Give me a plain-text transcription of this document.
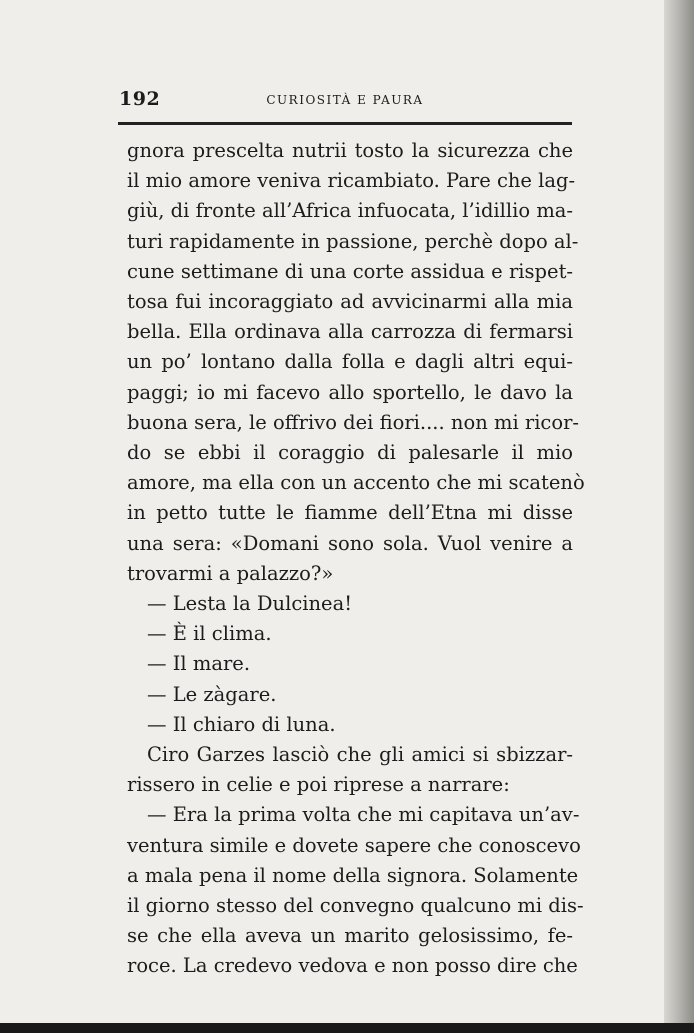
192	CURIOSITÀ E PAURA
gnora prescelta nutrii tosto la sicurezza che
il mio amore veniva ricambiato. Pare che lag-
giù, di fronte all’Africa infuocata, l’idillio ma-
turi rapidamente in passione, perchè dopo al-
cune settimane di una corte assidua e rispet-
tosa fui incoraggiato ad avvicinarmi alla mia
bella. Ella ordinava alla carrozza di fermarsi
un po’ lontano dalla folla e dagli altri equi-
paggi; io mi facevo allo sportello, le davo la
buona sera, le offrivo dei fiori.... non mi ricor-
do se ebbi il coraggio di palesarle il mio
amore, ma ella con un accento che mi scatenò
in petto tutte le fiamme dell’Etna mi disse
una sera: «Domani sono sola. Vuol venire a
trovarmi a palazzo?»
— Lesta la Dulcinea!
— È il clima.
— Il mare.
— Le zàgare.
— Il chiaro di luna.
Ciro Garzes lasciò che gli amici si sbizzar-
rissero in celie e poi riprese a narrare:
— Era la prima volta che mi capitava un’av-
ventura simile e dovete sapere che conoscevo
a mala pena il nome della signora. Solamente
il giorno stesso del convegno qualcuno mi dis-
se che ella aveva un marito gelosissimo, fe-
roce. La credevo vedova e non posso dire che
